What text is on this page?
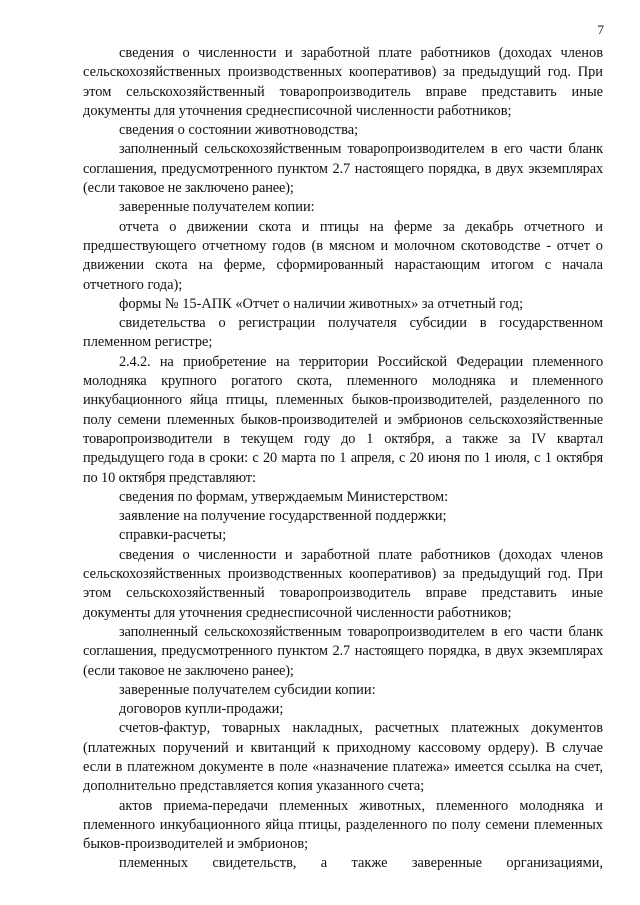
7

сведения о численности и заработной плате работников (доходах членов сельскохозяйственных производственных кооперативов) за предыдущий год. При этом сельскохозяйственный товаропроизводитель вправе представить иные документы для уточнения среднесписочной численности работников;

сведения о состоянии животноводства;

заполненный сельскохозяйственным товаропроизводителем в его части бланк соглашения, предусмотренного пунктом 2.7 настоящего порядка, в двух экземплярах (если таковое не заключено ранее);

заверенные получателем копии:

отчета о движении скота и птицы на ферме за декабрь отчетного и предшествующего отчетному годов (в мясном и молочном скотоводстве - отчет о движении скота на ферме, сформированный нарастающим итогом с начала отчетного года);

формы № 15-АПК «Отчет о наличии животных» за отчетный год;

свидетельства о регистрации получателя субсидии в государственном племенном регистре;

2.4.2. на приобретение на территории Российской Федерации племенного молодняка крупного рогатого скота, племенного молодняка и племенного инкубационного яйца птицы, племенных быков-производителей, разделенного по полу семени племенных быков-производителей и эмбрионов сельскохозяйственные товаропроизводители в текущем году до 1 октября, а также за IV квартал предыдущего года в сроки: с 20 марта по 1 апреля, с 20 июня по 1 июля, с 1 октября по 10 октября представляют:

сведения по формам, утверждаемым Министерством:

заявление на получение государственной поддержки;

справки-расчеты;

сведения о численности и заработной плате работников (доходах членов сельскохозяйственных производственных кооперативов) за предыдущий год. При этом сельскохозяйственный товаропроизводитель вправе представить иные документы для уточнения среднесписочной численности работников;

заполненный сельскохозяйственным товаропроизводителем в его части бланк соглашения, предусмотренного пунктом 2.7 настоящего порядка, в двух экземплярах (если таковое не заключено ранее);

заверенные получателем субсидии копии:

договоров купли-продажи;

счетов-фактур, товарных накладных, расчетных платежных документов (платежных поручений и квитанций к приходному кассовому ордеру). В случае если в платежном документе в поле «назначение платежа» имеется ссылка на счет, дополнительно представляется копия указанного счета;

актов приема-передачи племенных животных, племенного молодняка и племенного инкубационного яйца птицы, разделенного по полу семени племенных быков-производителей и эмбрионов;

племенных свидетельств, а также заверенные организациями,
